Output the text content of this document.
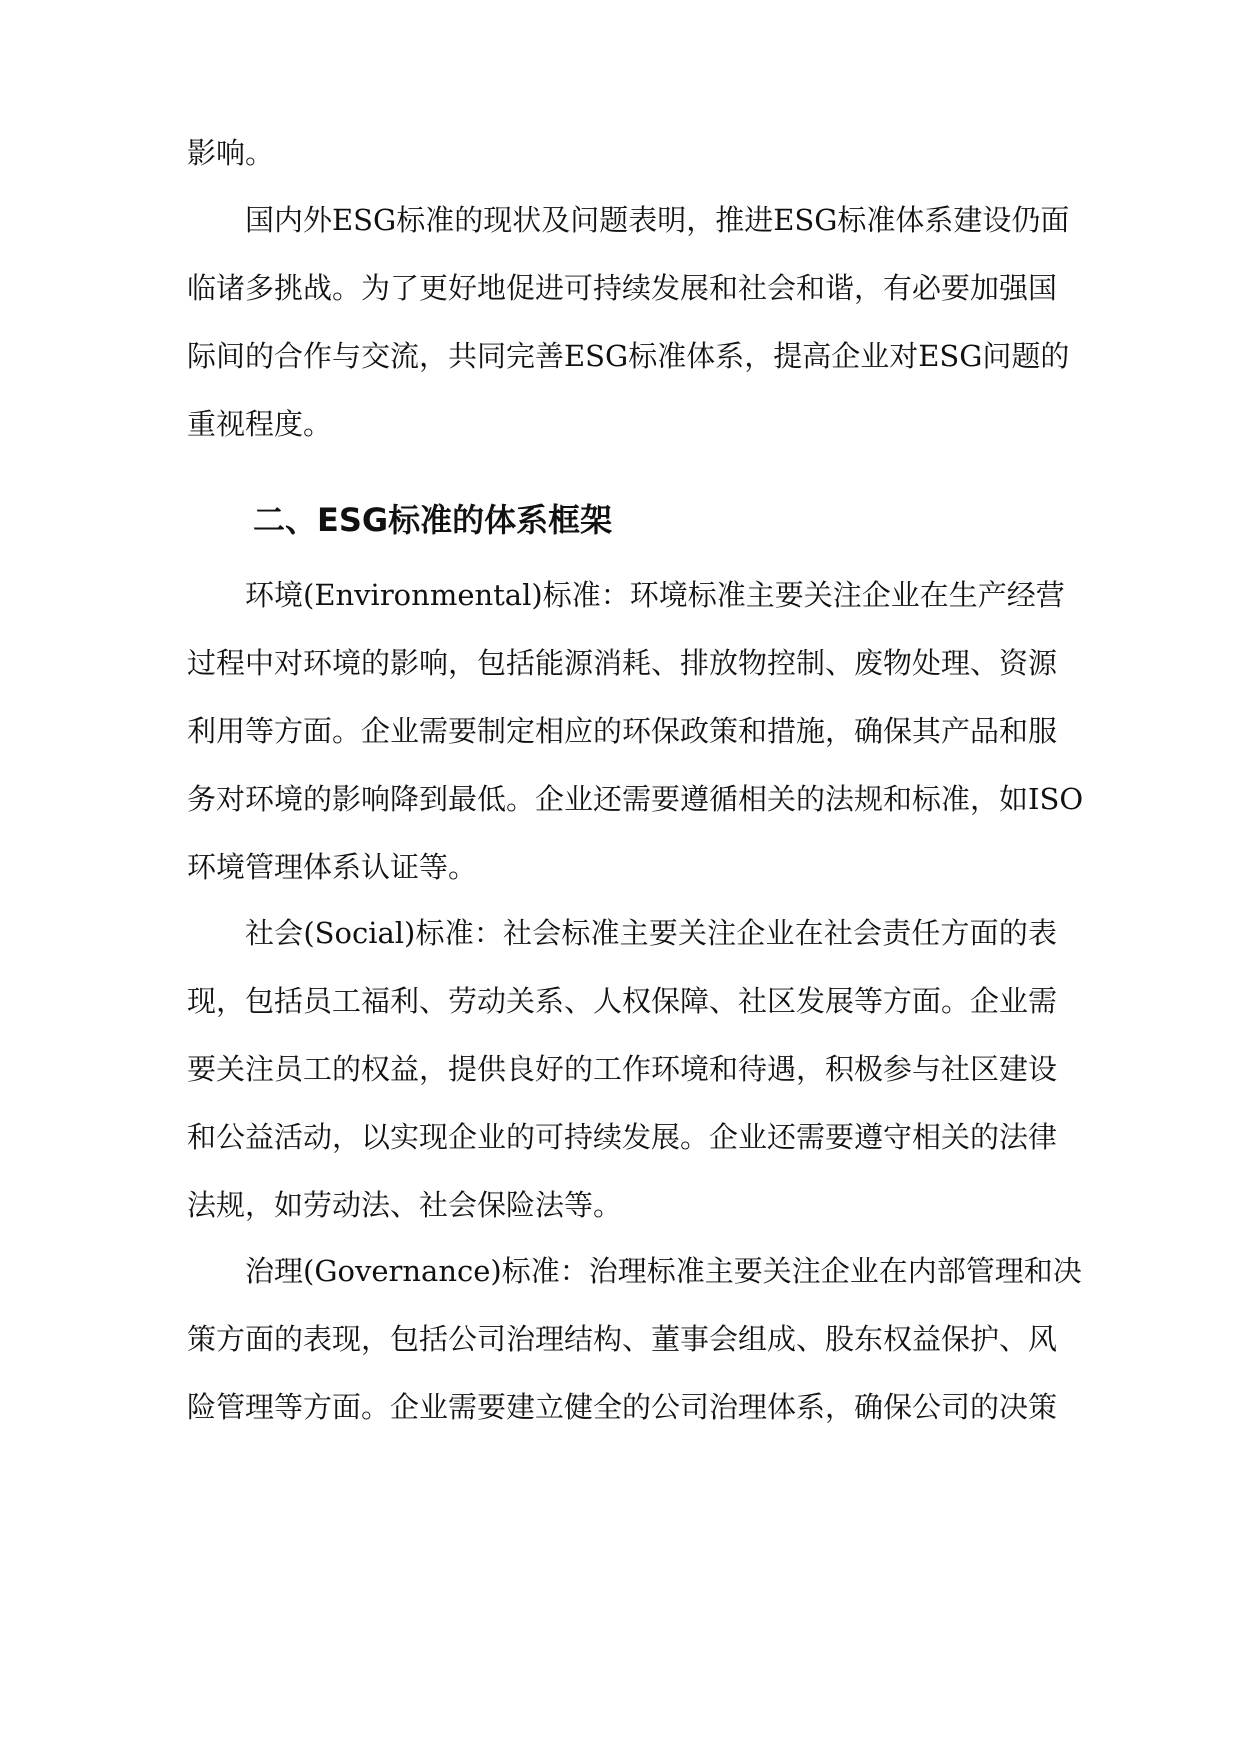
影响。
国内外ESG标准的现状及问题表明，推进ESG标准体系建设仍面
临诸多挑战。为了更好地促进可持续发展和社会和谐，有必要加强国
际间的合作与交流，共同完善ESG标准体系，提高企业对ESG问题的
重视程度。
二、ESG标准的体系框架
环境(Environmental)标准：环境标准主要关注企业在生产经营
过程中对环境的影响，包括能源消耗、排放物控制、废物处理、资源
利用等方面。企业需要制定相应的环保政策和措施，确保其产品和服
务对环境的影响降到最低。企业还需要遵循相关的法规和标准，如ISO
环境管理体系认证等。
社会(Social)标准：社会标准主要关注企业在社会责任方面的表
现，包括员工福利、劳动关系、人权保障、社区发展等方面。企业需
要关注员工的权益，提供良好的工作环境和待遇，积极参与社区建设
和公益活动，以实现企业的可持续发展。企业还需要遵守相关的法律
法规，如劳动法、社会保险法等。
治理(Governance)标准：治理标准主要关注企业在内部管理和决
策方面的表现，包括公司治理结构、董事会组成、股东权益保护、风
险管理等方面。企业需要建立健全的公司治理体系，确保公司的决策
